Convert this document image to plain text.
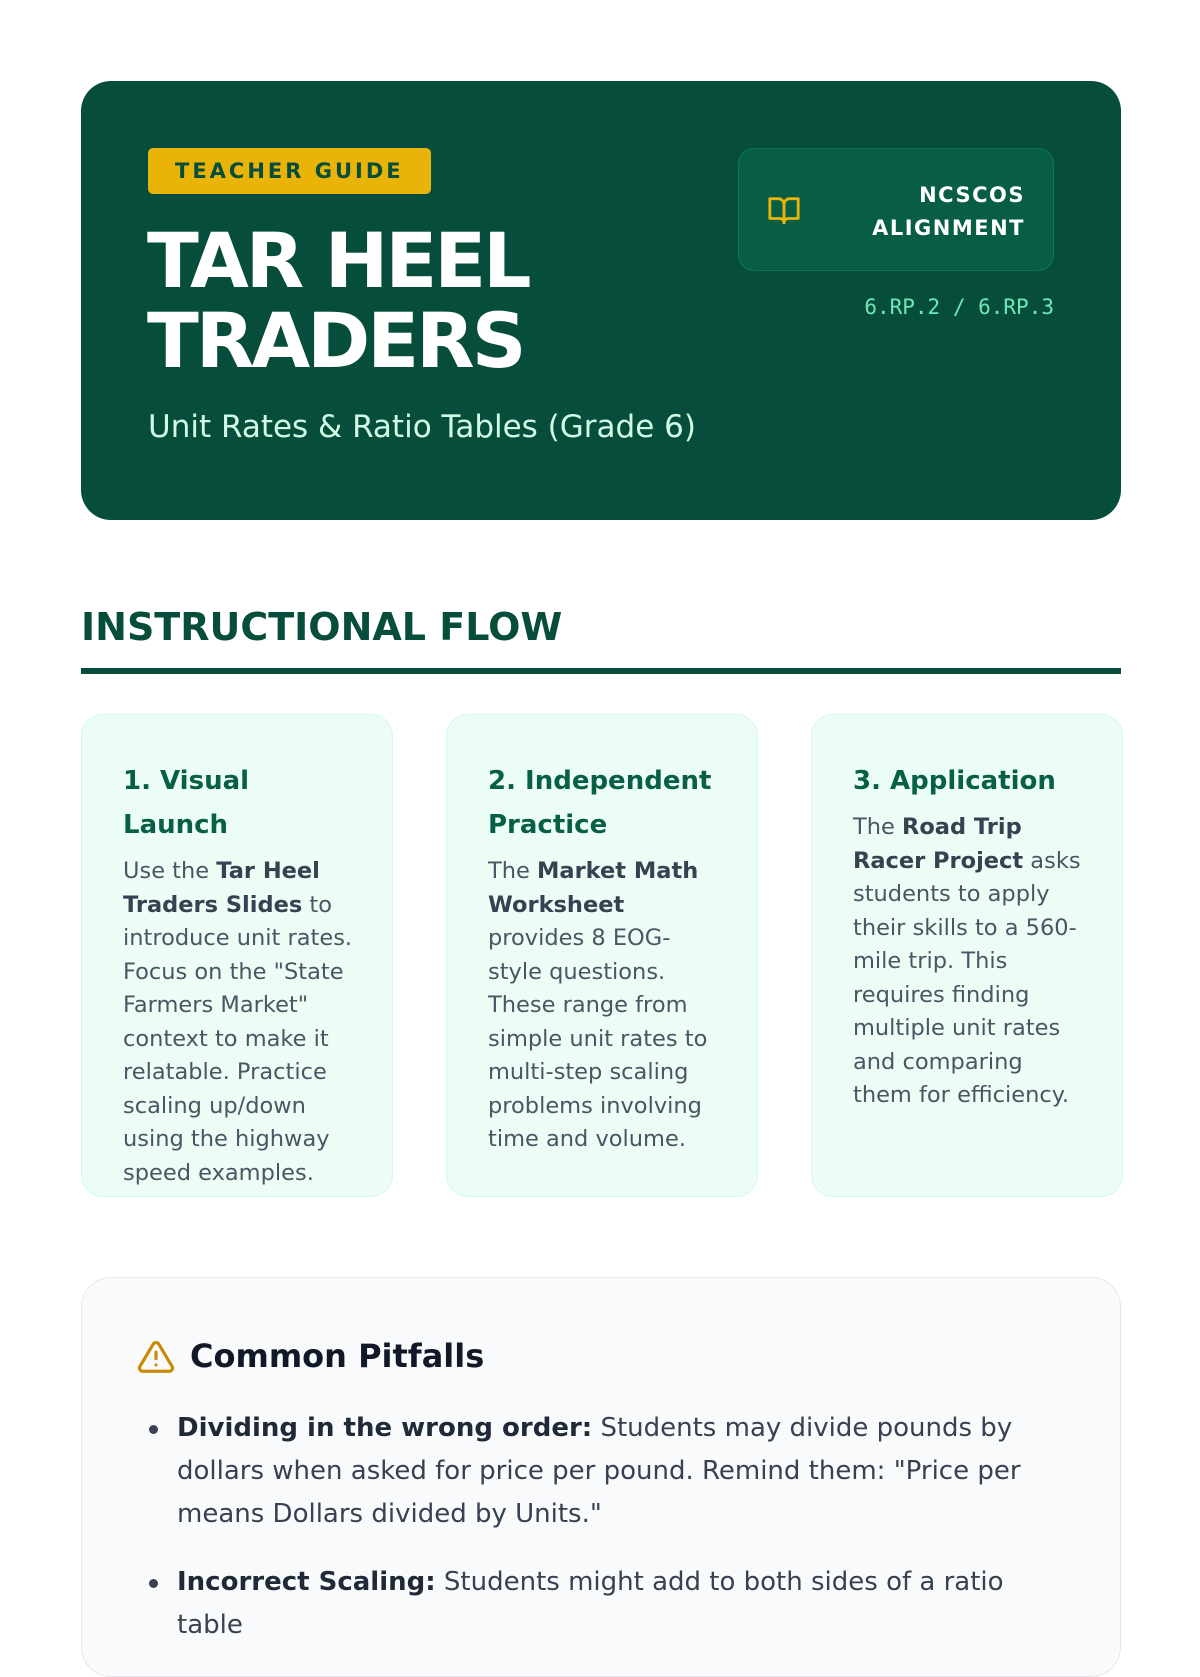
TEACHER GUIDE
TAR HEEL
TRADERS
Unit Rates & Ratio Tables (Grade 6)
NCSCOS
ALIGNMENT
6.RP.2 / 6.RP.3
INSTRUCTIONAL FLOW
1. Visual Launch
Use the Tar Heel Traders Slides to introduce unit rates. Focus on the "State Farmers Market" context to make it relatable. Practice scaling up/down using the highway speed examples.
2. Independent Practice
The Market Math Worksheet provides 8 EOG-style questions. These range from simple unit rates to multi-step scaling problems involving time and volume.
3. Application
The Road Trip Racer Project asks students to apply their skills to a 560-mile trip. This requires finding multiple unit rates and comparing them for efficiency.
Common Pitfalls
Dividing in the wrong order: Students may divide pounds by dollars when asked for price per pound. Remind them: "Price per means Dollars divided by Units."
Incorrect Scaling: Students might add to both sides of a ratio table
